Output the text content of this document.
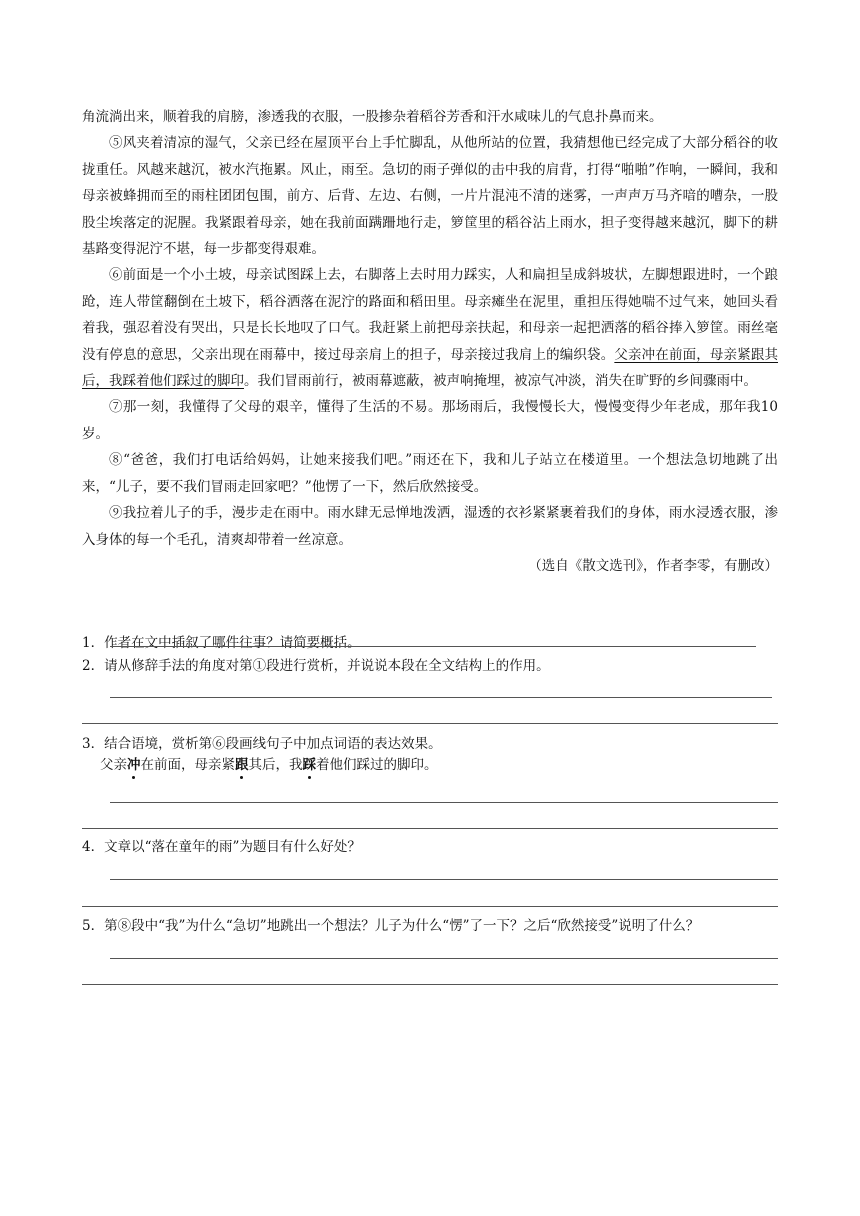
角流淌出来，顺着我的肩膀，渗透我的衣服，一股掺杂着稻谷芳香和汗水咸味儿的气息扑鼻而来。

⑤风夹着清凉的湿气，父亲已经在屋顶平台上手忙脚乱，从他所站的位置，我猜想他已经完成了大部分稻谷的收拢重任。风越来越沉，被水汽拖累。风止，雨至。急切的雨子弹似的击中我的肩背，打得“啪啪”作响，一瞬间，我和母亲被蜂拥而至的雨柱团团包围，前方、后背、左边、右侧，一片片混沌不清的迷雾，一声声万马齐喑的嘈杂，一股股尘埃落定的泥腥。我紧跟着母亲，她在我前面蹒跚地行走，箩筐里的稻谷沾上雨水，担子变得越来越沉，脚下的耕基路变得泥泞不堪，每一步都变得艰难。

⑥前面是一个小土坡，母亲试图踩上去，右脚落上去时用力踩实，人和扁担呈成斜坡状，左脚想跟进时，一个踉跄，连人带筐翻倒在土坡下，稻谷洒落在泥泞的路面和稻田里。母亲瘫坐在泥里，重担压得她喘不过气来，她回头看着我，强忍着没有哭出，只是长长地叹了口气。我赶紧上前把母亲扶起，和母亲一起把洒落的稻谷捧入箩筐。雨丝毫没有停息的意思，父亲出现在雨幕中，接过母亲肩上的担子，母亲接过我肩上的编织袋。父亲冲在前面，母亲紧跟其后，我踩着他们踩过的脚印。我们冒雨前行，被雨幕遮蔽，被声响掩埋，被凉气冲淡，消失在旷野的乡间骤雨中。

⑦那一刻，我懂得了父母的艰辛，懂得了生活的不易。那场雨后，我慢慢长大，慢慢变得少年老成，那年我10岁。

⑧“爸爸，我们打电话给妈妈，让她来接我们吧。”雨还在下，我和儿子站立在楼道里。一个想法急切地跳了出来，“儿子，要不我们冒雨走回家吧？”他愣了一下，然后欣然接受。

⑨我拉着儿子的手，漫步走在雨中。雨水肆无忌惮地泼洒，湿透的衣衫紧紧裹着我们的身体，雨水浸透衣服，渗入身体的每一个毛孔，清爽却带着一丝凉意。

（选自《散文选刊》，作者李零，有删改）

1．作者在文中插叙了哪件往事？请简要概括。
2．请从修辞手法的角度对第①段进行赏析，并说说本段在全文结构上的作用。
3．结合语境，赏析第⑥段画线句子中加点词语的表达效果。
父亲冲在前面，母亲紧跟其后，我踩着他们踩过的脚印。
4．文章以“落在童年的雨”为题目有什么好处？
5．第⑧段中“我”为什么“急切”地跳出一个想法？儿子为什么“愣”了一下？之后“欣然接受”说明了什么？
